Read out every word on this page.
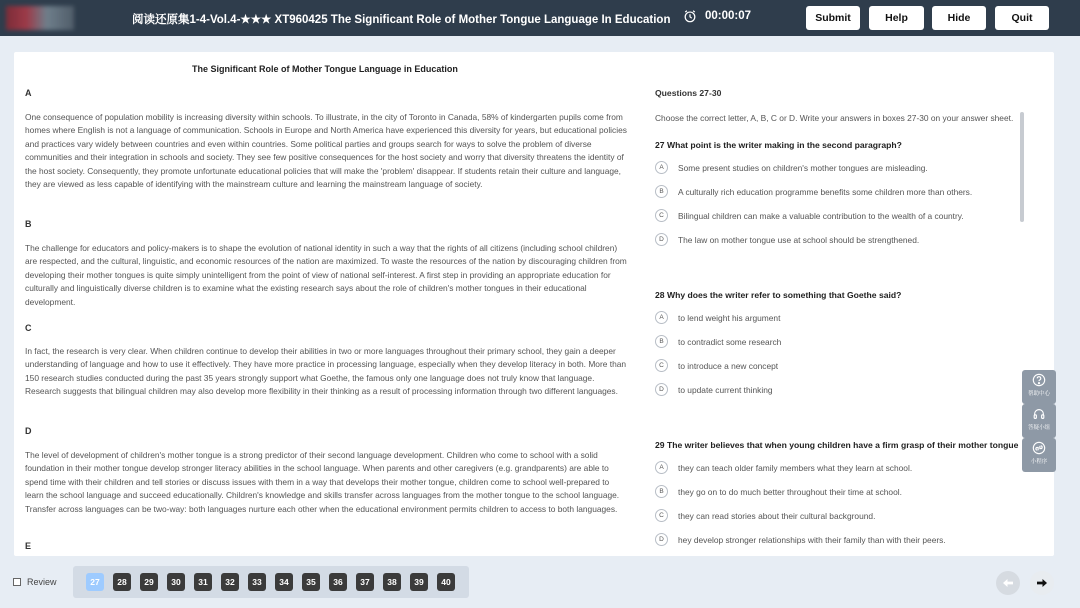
阅读还原集1-4-Vol.4-★★★ XT960425 The Significant Role of Mother Tongue Language In Education	00:00:07	Submit	Help	Hide	Quit
The Significant Role of Mother Tongue Language in Education
A
One consequence of population mobility is increasing diversity within schools. To illustrate, in the city of Toronto in Canada, 58% of kindergarten pupils come from homes where English is not a language of communication. Schools in Europe and North America have experienced this diversity for years, but educational policies and practices vary widely between countries and even within countries. Some political parties and groups search for ways to solve the problem of diverse communities and their integration in schools and society. They see few positive consequences for the host society and worry that diversity threatens the identity of the host society. Consequently, they promote unfortunate educational policies that will make the 'problem' disappear. If students retain their culture and language, they are viewed as less capable of identifying with the mainstream culture and learning the mainstream language of society.
B
The challenge for educators and policy-makers is to shape the evolution of national identity in such a way that the rights of all citizens (including school children) are respected, and the cultural, linguistic, and economic resources of the nation are maximized. To waste the resources of the nation by discouraging children from developing their mother tongues is quite simply unintelligent from the point of view of national self-interest. A first step in providing an appropriate education for culturally and linguistically diverse children is to examine what the existing research says about the role of children's mother tongues in their educational development.
C
In fact, the research is very clear. When children continue to develop their abilities in two or more languages throughout their primary school, they gain a deeper understanding of language and how to use it effectively. They have more practice in processing language, especially when they develop literacy in both. More than 150 research studies conducted during the past 35 years strongly support what Goethe, the famous only one language does not truly know that language. Research suggests that bilingual children may also develop more flexibility in their thinking as a result of processing information through two different languages.
D
The level of development of children's mother tongue is a strong predictor of their second language development. Children who come to school with a solid foundation in their mother tongue develop stronger literacy abilities in the school language. When parents and other caregivers (e.g. grandparents) are able to spend time with their children and tell stories or discuss issues with them in a way that develops their mother tongue, children come to school well-prepared to learn the school language and succeed educationally. Children's knowledge and skills transfer across languages from the mother tongue to the school language. Transfer across languages can be two-way: both languages nurture each other when the educational environment permits children to access to both languages.
E
Questions 27-30
Choose the correct letter, A, B, C or D. Write your answers in boxes 27-30 on your answer sheet.
27 What point is the writer making in the second paragraph?
A	Some present studies on children's mother tongues are misleading.
B	A culturally rich education programme benefits some children more than others.
C	Bilingual children can make a valuable contribution to the wealth of a country.
D	The law on mother tongue use at school should be strengthened.
28 Why does the writer refer to something that Goethe said?
A	to lend weight his argument
B	to contradict some research
C	to introduce a new concept
D	to update current thinking
29 The writer believes that when young children have a firm grasp of their mother tongue
A	they can teach older family members what they learn at school.
B	they go on to do much better throughout their time at school.
C	they can read stories about their cultural background.
D	hey develop stronger relationships with their family than with their peers.
帮助中心
答疑小组
小程序
Review	27	28	29	30	31	32	33	34	35	36	37	38	39	40
